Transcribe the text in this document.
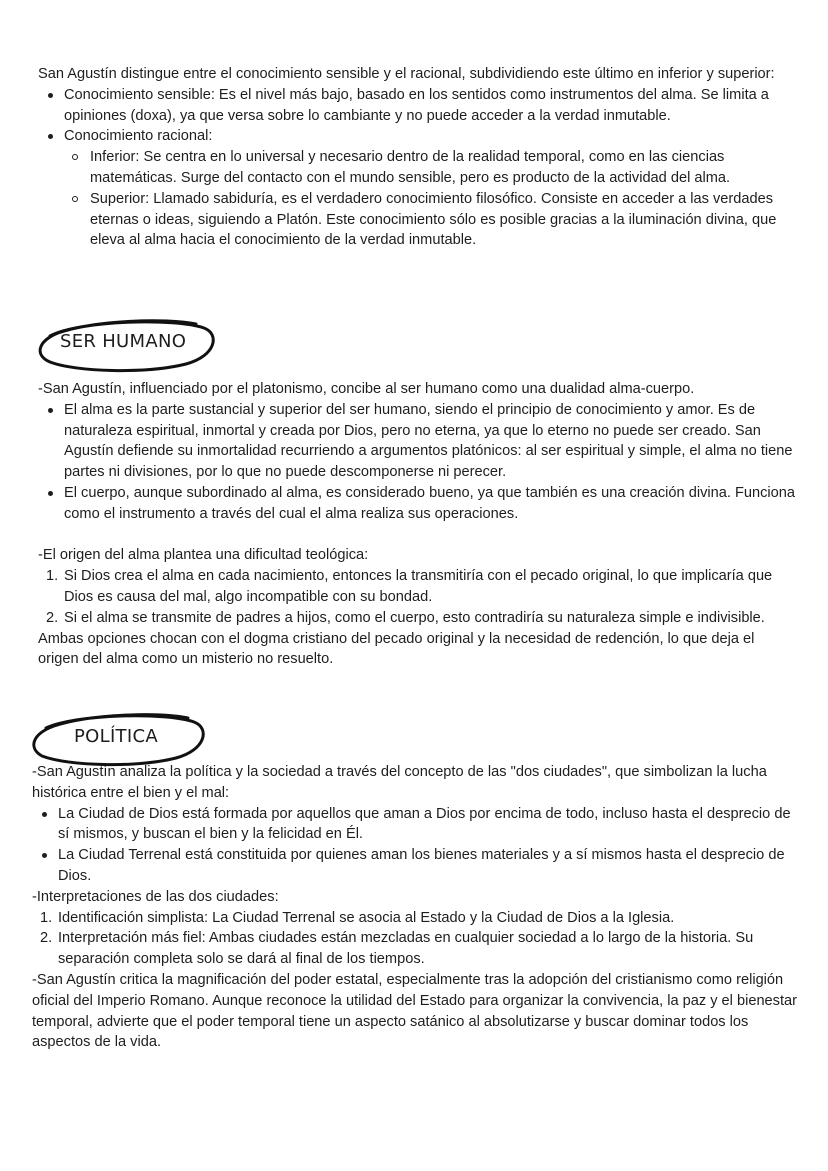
San Agustín distingue entre el conocimiento sensible y el racional, subdividiendo este último en inferior y superior:

Conocimiento sensible: Es el nivel más bajo, basado en los sentidos como instrumentos del alma. Se limita a opiniones (doxa), ya que versa sobre lo cambiante y no puede acceder a la verdad inmutable.
Conocimiento racional:
Inferior: Se centra en lo universal y necesario dentro de la realidad temporal, como en las ciencias matemáticas. Surge del contacto con el mundo sensible, pero es producto de la actividad del alma.
Superior: Llamado sabiduría, es el verdadero conocimiento filosófico. Consiste en acceder a las verdades eternas o ideas, siguiendo a Platón. Este conocimiento sólo es posible gracias a la iluminación divina, que eleva al alma hacia el conocimiento de la verdad inmutable.
SER HUMANO

-San Agustín, influenciado por el platonismo, concibe al ser humano como una dualidad alma-cuerpo.

El alma es la parte sustancial y superior del ser humano, siendo el principio de conocimiento y amor. Es de naturaleza espiritual, inmortal y creada por Dios, pero no eterna, ya que lo eterno no puede ser creado. San Agustín defiende su inmortalidad recurriendo a argumentos platónicos: al ser espiritual y simple, el alma no tiene partes ni divisiones, por lo que no puede descomponerse ni perecer.
El cuerpo, aunque subordinado al alma, es considerado bueno, ya que también es una creación divina. Funciona como el instrumento a través del cual el alma realiza sus operaciones.

-El origen del alma plantea una dificultad teológica:

1. Si Dios crea el alma en cada nacimiento, entonces la transmitiría con el pecado original, lo que implicaría que Dios es causa del mal, algo incompatible con su bondad.
2. Si el alma se transmite de padres a hijos, como el cuerpo, esto contradiría su naturaleza simple e indivisible.

Ambas opciones chocan con el dogma cristiano del pecado original y la necesidad de redención, lo que deja el origen del alma como un misterio no resuelto.

POLÍTICA

-San Agustín analiza la política y la sociedad a través del concepto de las "dos ciudades", que simbolizan la lucha histórica entre el bien y el mal:

La Ciudad de Dios está formada por aquellos que aman a Dios por encima de todo, incluso hasta el desprecio de sí mismos, y buscan el bien y la felicidad en Él.
La Ciudad Terrenal está constituida por quienes aman los bienes materiales y a sí mismos hasta el desprecio de Dios.

-Interpretaciones de las dos ciudades:

1. Identificación simplista: La Ciudad Terrenal se asocia al Estado y la Ciudad de Dios a la Iglesia.
2. Interpretación más fiel: Ambas ciudades están mezcladas en cualquier sociedad a lo largo de la historia. Su separación completa solo se dará al final de los tiempos.

-San Agustín critica la magnificación del poder estatal, especialmente tras la adopción del cristianismo como religión oficial del Imperio Romano. Aunque reconoce la utilidad del Estado para organizar la convivencia, la paz y el bienestar temporal, advierte que el poder temporal tiene un aspecto satánico al absolutizarse y buscar dominar todos los aspectos de la vida.
